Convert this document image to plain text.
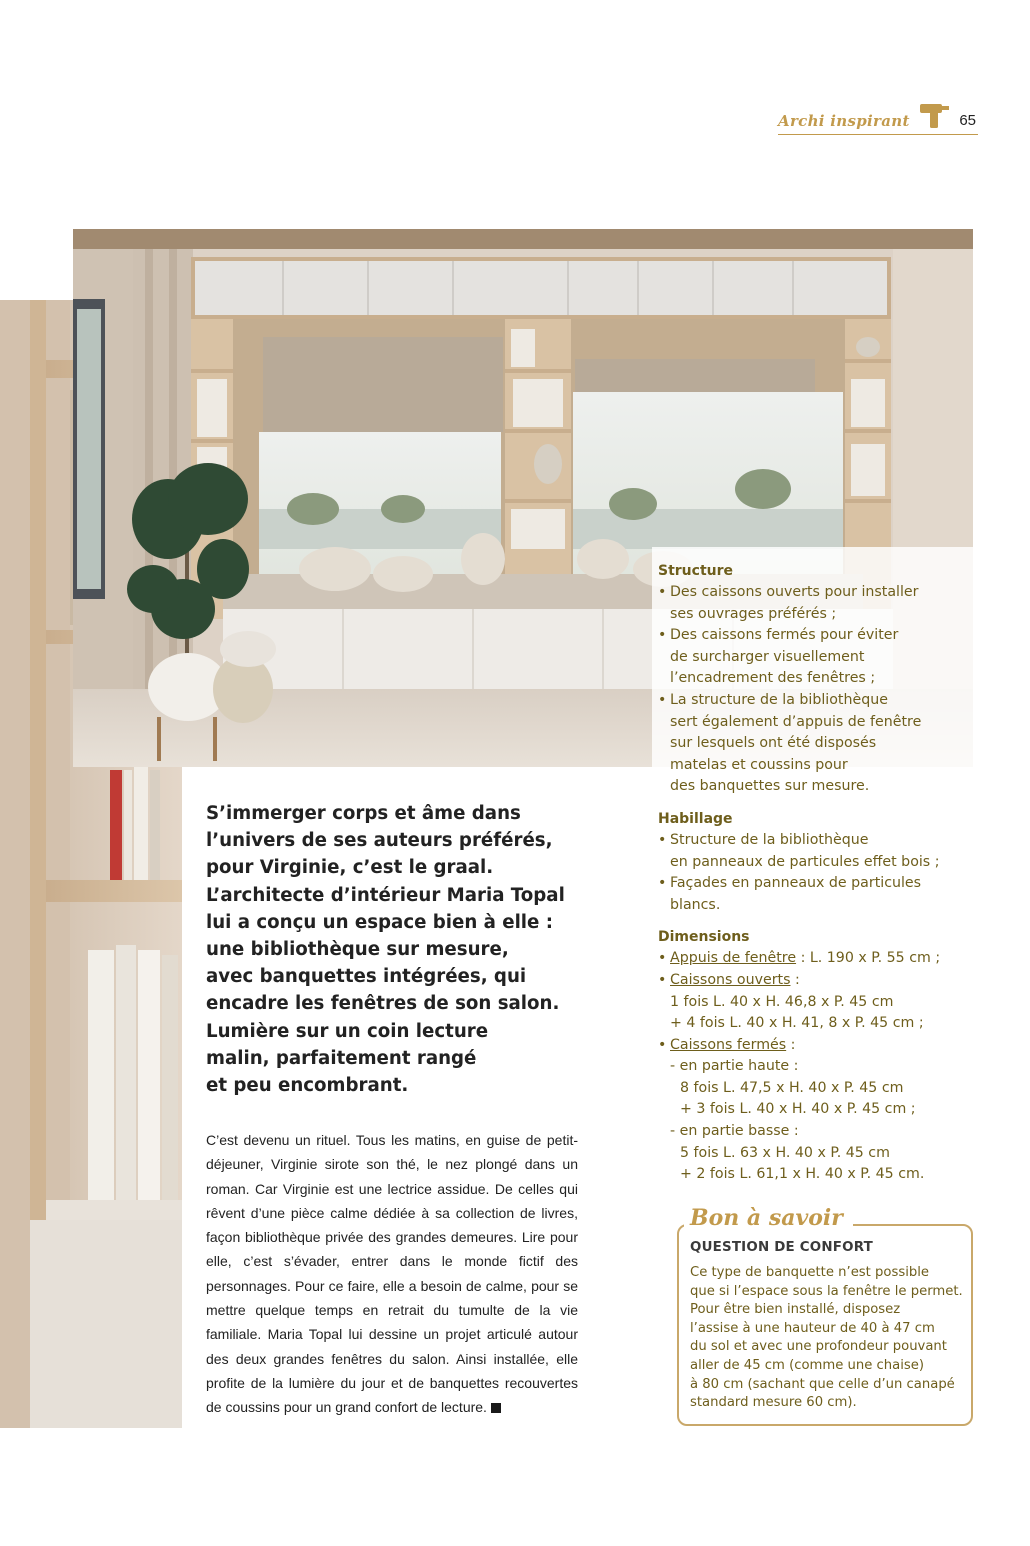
Archi inspirant	65
S’immerger corps et âme dans
l’univers de ses auteurs préférés,
pour Virginie, c’est le graal.
L’architecte d’intérieur Maria Topal
lui a conçu un espace bien à elle :
une bibliothèque sur mesure,
avec banquettes intégrées, qui
encadre les fenêtres de son salon.
Lumière sur un coin lecture
malin, parfaitement rangé
et peu encombrant.
C’est devenu un rituel. Tous les matins, en guise de petit-déjeuner, Virginie sirote son thé, le nez plongé dans un roman. Car Virginie est une lectrice assidue. De celles qui rêvent d’une pièce calme dédiée à sa collection de livres, façon bibliothèque privée des grandes demeures. Lire pour elle, c’est s’évader, entrer dans le monde fictif des personnages. Pour ce faire, elle a besoin de calme, pour se mettre quelque temps en retrait du tumulte de la vie familiale. Maria Topal lui dessine un projet articulé autour des deux grandes fenêtres du salon. Ainsi installée, elle profite de la lumière du jour et de banquettes recouvertes de coussins pour un grand confort de lecture.
Structure
• Des caissons ouverts pour installer
ses ouvrages préférés ;
• Des caissons fermés pour éviter
de surcharger visuellement
l’encadrement des fenêtres ;
• La structure de la bibliothèque
sert également d’appuis de fenêtre
sur lesquels ont été disposés
matelas et coussins pour
des banquettes sur mesure.
Habillage
• Structure de la bibliothèque
en panneaux de particules effet bois ;
• Façades en panneaux de particules
blancs.
Dimensions
• Appuis de fenêtre : L. 190 x P. 55 cm ;
• Caissons ouverts :
1 fois L. 40 x H. 46,8 x P. 45 cm
+ 4 fois L. 40 x H. 41, 8 x P. 45 cm ;
• Caissons fermés :
- en partie haute :
8 fois L. 47,5 x H. 40 x P. 45 cm
+ 3 fois L. 40 x H. 40 x P. 45 cm ;
- en partie basse :
5 fois L. 63 x H. 40 x P. 45 cm
+ 2 fois L. 61,1 x H. 40 x P. 45 cm.
Bon à savoir
QUESTION DE CONFORT
Ce type de banquette n’est possible
que si l’espace sous la fenêtre le permet.
Pour être bien installé, disposez
l’assise à une hauteur de 40 à 47 cm
du sol et avec une profondeur pouvant
aller de 45 cm (comme une chaise)
à 80 cm (sachant que celle d’un canapé
standard mesure 60 cm).
